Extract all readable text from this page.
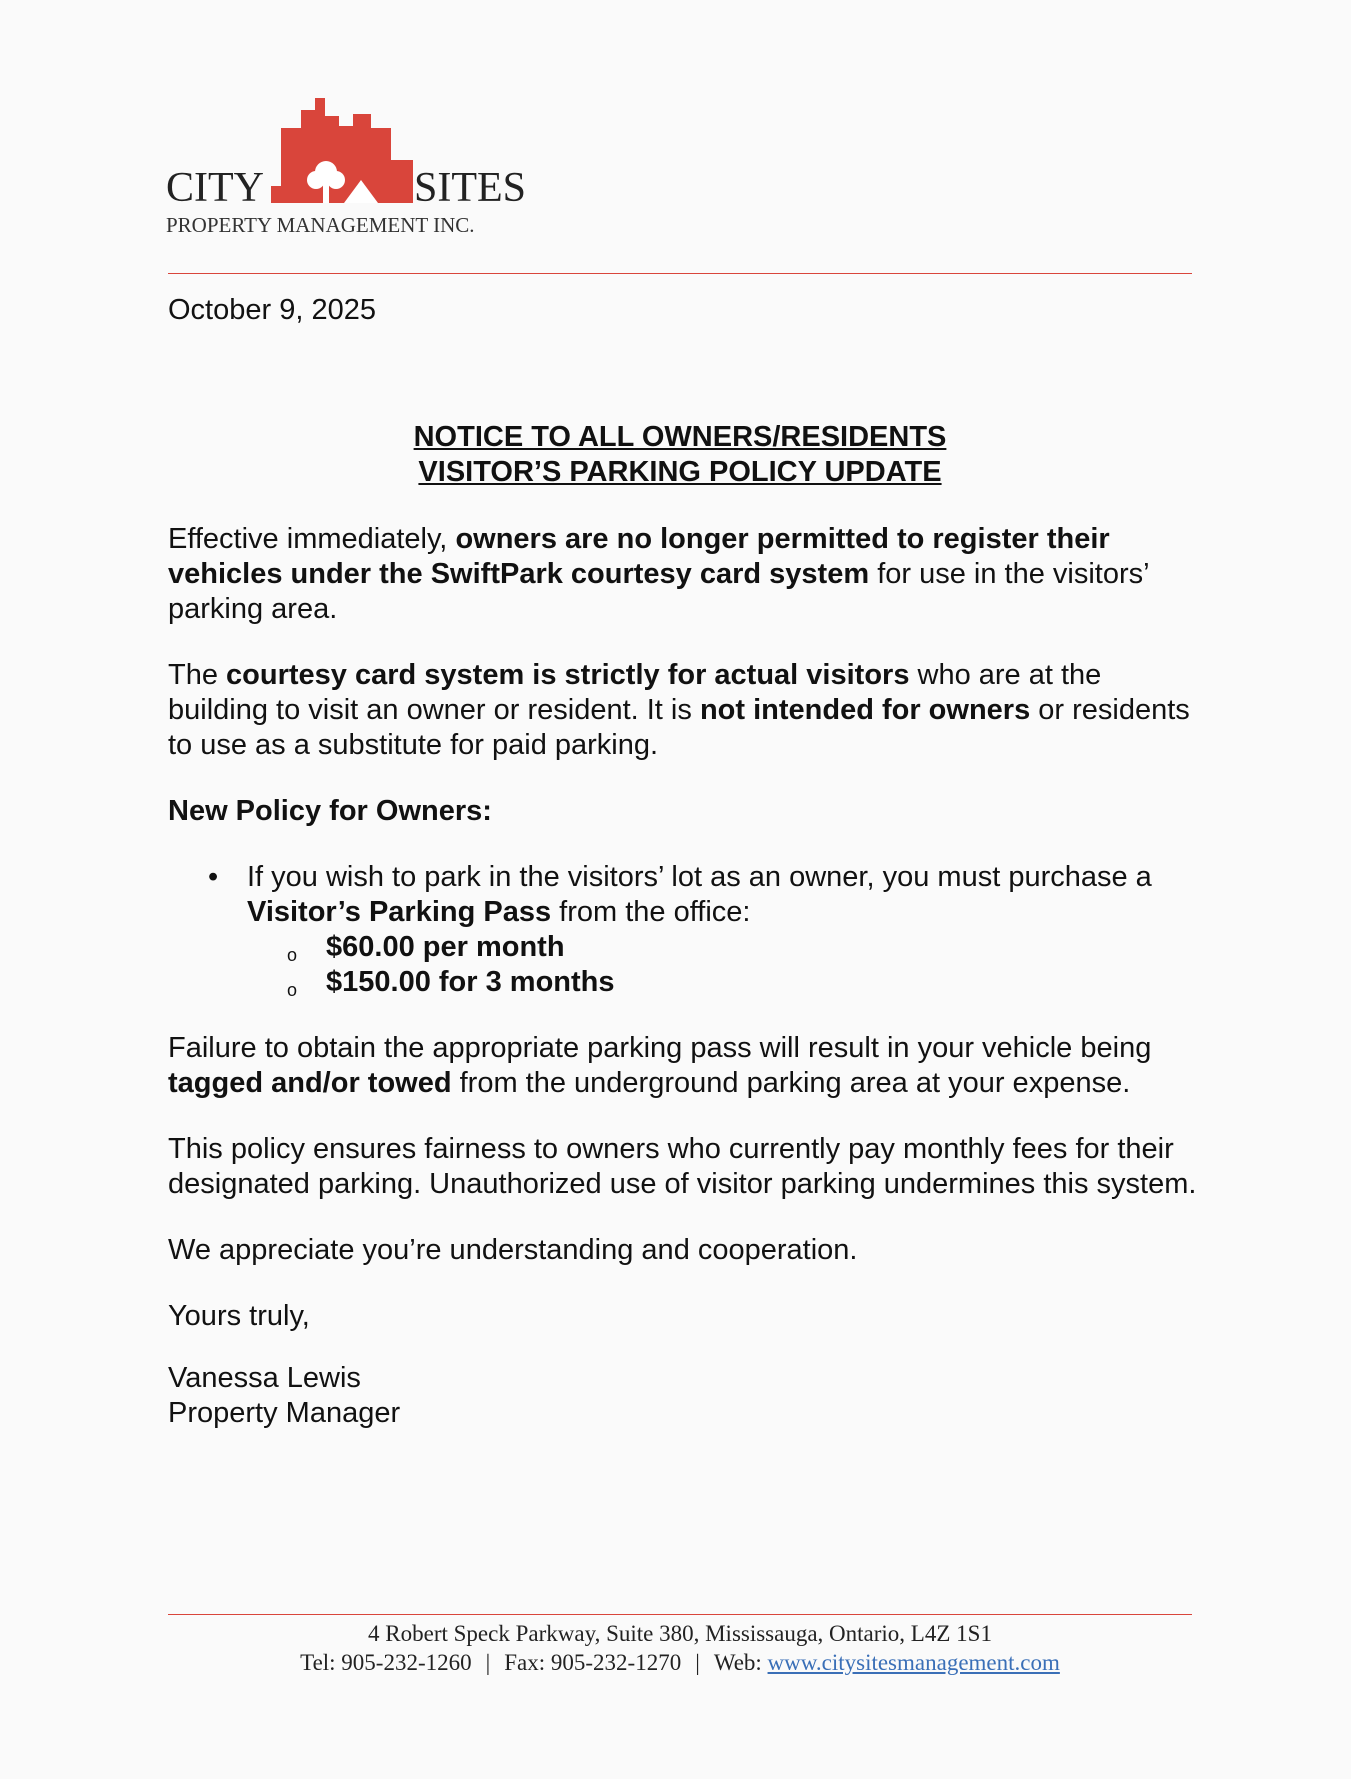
CITY	SITES
PROPERTY MANAGEMENT INC.
October 9, 2025
NOTICE TO ALL OWNERS/RESIDENTS
VISITOR’S PARKING POLICY UPDATE

Effective immediately, owners are no longer permitted to register their vehicles under the SwiftPark courtesy card system for use in the visitors’ parking area.

The courtesy card system is strictly for actual visitors who are at the building to visit an owner or resident. It is not intended for owners or residents to use as a substitute for paid parking.

New Policy for Owners:

• If you wish to park in the visitors’ lot as an owner, you must purchase a Visitor’s Parking Pass from the office:
o $60.00 per month
o $150.00 for 3 months

Failure to obtain the appropriate parking pass will result in your vehicle being tagged and/or towed from the underground parking area at your expense.

This policy ensures fairness to owners who currently pay monthly fees for their designated parking. Unauthorized use of visitor parking undermines this system.

We appreciate you’re understanding and cooperation.

Yours truly,

Vanessa Lewis
Property Manager
4 Robert Speck Parkway, Suite 380, Mississauga, Ontario, L4Z 1S1
Tel: 905-232-1260 | Fax: 905-232-1270 | Web: www.citysitesmanagement.com
